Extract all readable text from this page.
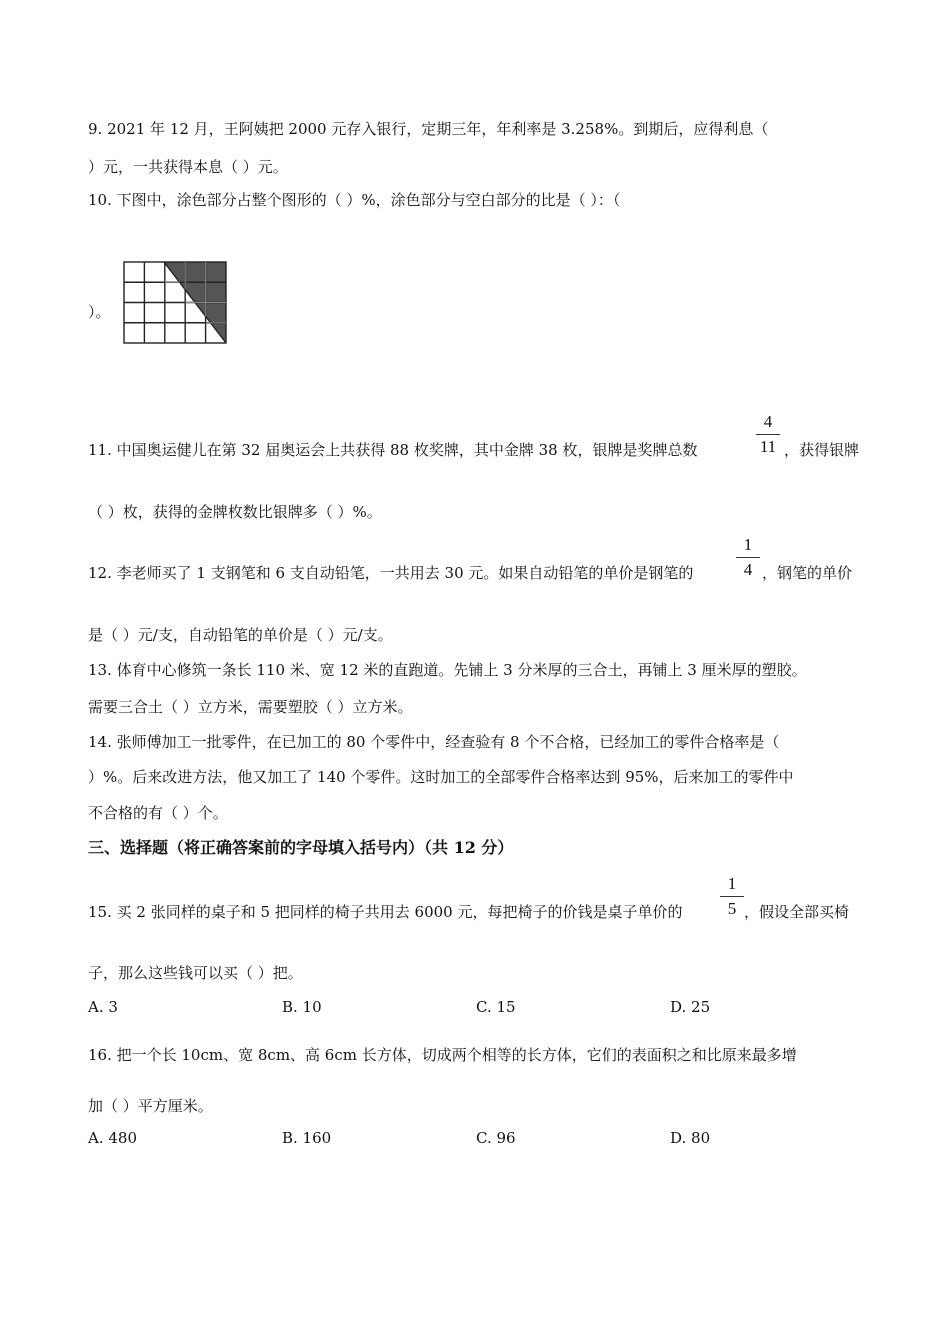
9. 2021 年 12 月，王阿姨把 2000 元存入银行，定期三年，年利率是 3.258%。到期后，应得利息（
）元，一共获得本息（ ）元。
10. 下图中，涂色部分占整个图形的（ ）%，涂色部分与空白部分的比是（ ）：（
）。
11. 中国奥运健儿在第 32 届奥运会上共获得 88 枚奖牌，其中金牌 38 枚，银牌是奖牌总数
4
11 ，获得银牌
（ ）枚，获得的金牌枚数比银牌多（ ）%。
12. 李老师买了 1 支钢笔和 6 支自动铅笔，一共用去 30 元。如果自动铅笔的单价是钢笔的
1
4 ，钢笔的单价
是（ ）元/支，自动铅笔的单价是（ ）元/支。
13. 体育中心修筑一条长 110 米、宽 12 米的直跑道。先铺上 3 分米厚的三合土，再铺上 3 厘米厚的塑胶。
需要三合土（ ）立方米，需要塑胶（ ）立方米。
14. 张师傅加工一批零件，在已加工的 80 个零件中，经查验有 8 个不合格，已经加工的零件合格率是（
）%。后来改进方法，他又加工了 140 个零件。这时加工的全部零件合格率达到 95%，后来加工的零件中
不合格的有（ ）个。
三、选择题（将正确答案前的字母填入括号内）（共 12 分）
15. 买 2 张同样的桌子和 5 把同样的椅子共用去 6000 元，每把椅子的价钱是桌子单价的
1
5 ，假设全部买椅
子，那么这些钱可以买（ ）把。
A. 3	B. 10	C. 15	D. 25
16. 把一个长 10cm、宽 8cm、高 6cm 长方体，切成两个相等的长方体，它们的表面积之和比原来最多增
加（ ）平方厘米。
A. 480	B. 160	C. 96	D. 80
